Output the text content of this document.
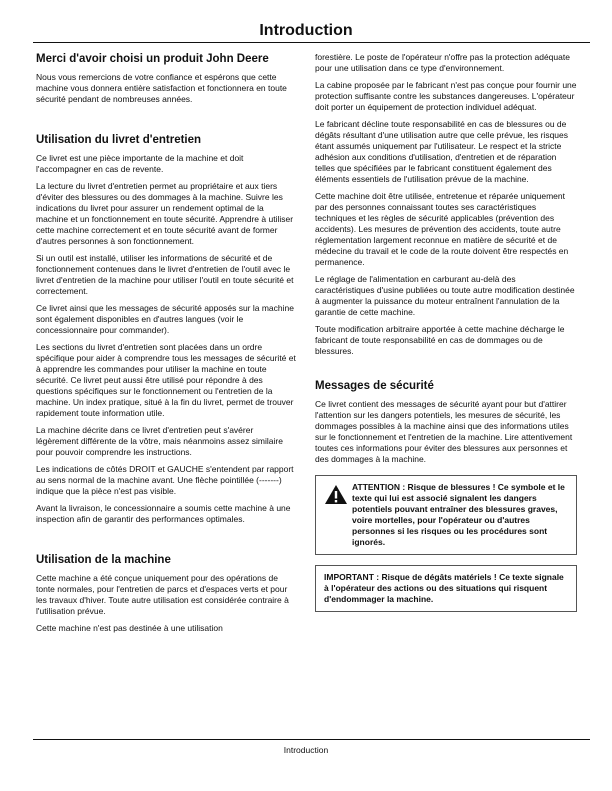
Introduction
Merci d'avoir choisi un produit John Deere

Nous vous remercions de votre confiance et espérons que cette machine vous donnera entière satisfaction et fonctionnera en toute sécurité pendant de nombreuses années.

Utilisation du livret d'entretien

Ce livret est une pièce importante de la machine et doit l'accompagner en cas de revente.

La lecture du livret d'entretien permet au propriétaire et aux tiers d'éviter des blessures ou des dommages à la machine. Suivre les indications du livret pour assurer un rendement optimal de la machine et un fonctionnement en toute sécurité. Apprendre à utiliser cette machine correctement et en toute sécurité avant de former d'autres personnes à son fonctionnement.

Si un outil est installé, utiliser les informations de sécurité et de fonctionnement contenues dans le livret d'entretien de l'outil avec le livret d'entretien de la machine pour utiliser l'outil en toute sécurité et correctement.

Ce livret ainsi que les messages de sécurité apposés sur la machine sont également disponibles en d'autres langues (voir le concessionnaire pour commander).

Les sections du livret d'entretien sont placées dans un ordre spécifique pour aider à comprendre tous les messages de sécurité et à apprendre les commandes pour utiliser la machine en toute sécurité. Ce livret peut aussi être utilisé pour répondre à des questions spécifiques sur le fonctionnement ou l'entretien de la machine. Un index pratique, situé à la fin du livret, permet de trouver rapidement toute information utile.

La machine décrite dans ce livret d'entretien peut s'avérer légèrement différente de la vôtre, mais néanmoins assez similaire pour pouvoir comprendre les instructions.

Les indications de côtés DROIT et GAUCHE s'entendent par rapport au sens normal de la machine avant. Une flèche pointillée (-------) indique que la pièce n'est pas visible.

Avant la livraison, le concessionnaire a soumis cette machine à une inspection afin de garantir des performances optimales.

Utilisation de la machine

Cette machine a été conçue uniquement pour des opérations de tonte normales, pour l'entretien de parcs et d'espaces verts et pour les travaux d'hiver. Toute autre utilisation est considérée contraire à l'utilisation prévue.

Cette machine n'est pas destinée à une utilisation

forestière. Le poste de l'opérateur n'offre pas la protection adéquate pour une utilisation dans ce type d'environnement.

La cabine proposée par le fabricant n'est pas conçue pour fournir une protection suffisante contre les substances dangereuses. L'opérateur doit porter un équipement de protection individuel adéquat.

Le fabricant décline toute responsabilité en cas de blessures ou de dégâts résultant d'une utilisation autre que celle prévue, les risques étant assumés uniquement par l'utilisateur. Le respect et la stricte adhésion aux conditions d'utilisation, d'entretien et de réparation telles que spécifiées par le fabricant constituent également des éléments essentiels de l'utilisation prévue de la machine.

Cette machine doit être utilisée, entretenue et réparée uniquement par des personnes connaissant toutes ses caractéristiques techniques et les règles de sécurité applicables (prévention des accidents). Les mesures de prévention des accidents, toute autre réglementation largement reconnue en matière de sécurité et de médecine du travail et le code de la route doivent être respectés en permanence.

Le réglage de l'alimentation en carburant au-delà des caractéristiques d'usine publiées ou toute autre modification destinée à augmenter la puissance du moteur entraînent l'annulation de la garantie de cette machine.

Toute modification arbitraire apportée à cette machine décharge le fabricant de toute responsabilité en cas de dommages ou de blessures.

Messages de sécurité

Ce livret contient des messages de sécurité ayant pour but d'attirer l'attention sur les dangers potentiels, les mesures de sécurité, les dommages possibles à la machine ainsi que des informations utiles sur le fonctionnement et l'entretien de la machine. Lire attentivement toutes ces informations pour éviter des blessures aux personnes et des dommages à la machine.

ATTENTION : Risque de blessures ! Ce symbole et le texte qui lui est associé signalent les dangers potentiels pouvant entraîner des blessures graves, voire mortelles, pour l'opérateur ou d'autres personnes si les risques ou les procédures sont ignorés.
IMPORTANT : Risque de dégâts matériels ! Ce texte signale à l'opérateur des actions ou des situations qui risquent d'endommager la machine.
Introduction
